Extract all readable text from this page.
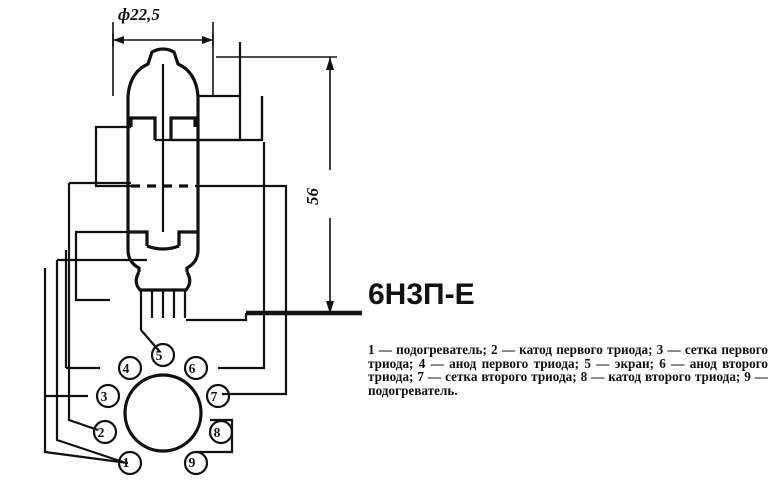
ф22,5
56
1
2
3
4
5
6
7
8
9
6Н3П-Е
1 — подогреватель; 2 — катод первого триода; 3 — сетка первого триода; 4 — анод первого триода; 5 — экран; 6 — анод второго триода; 7 — сетка второго триода; 8 — катод второго триода; 9 — подогреватель.
